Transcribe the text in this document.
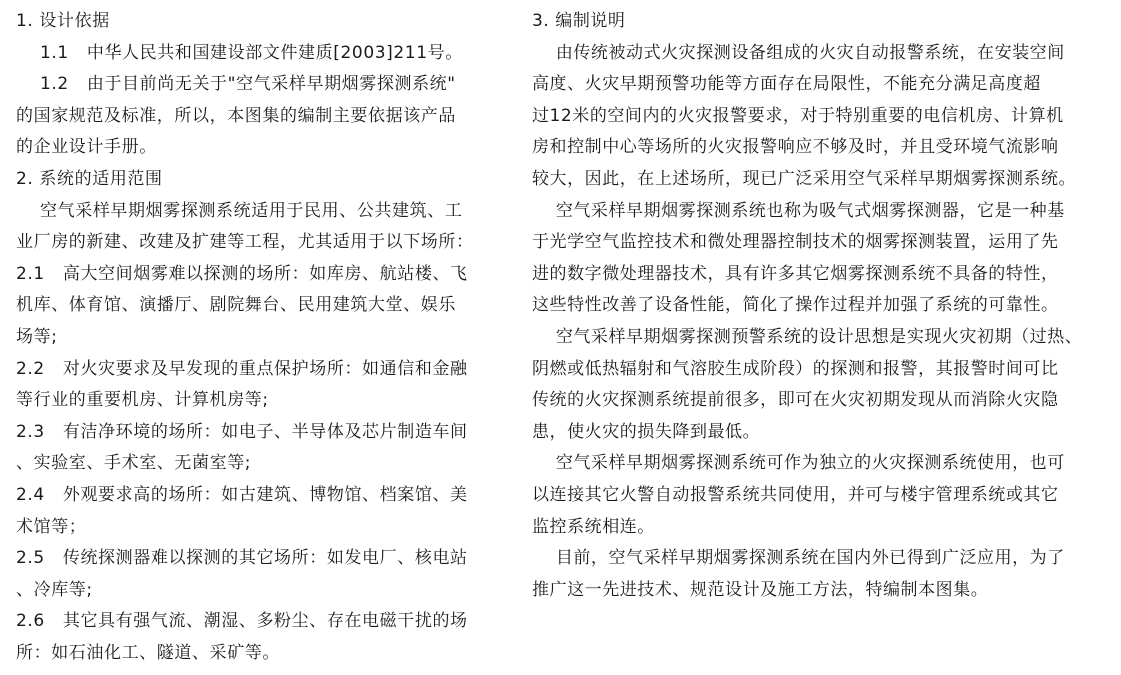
1. 设计依据

1.1   中华人民共和国建设部文件建质[2003]211号。

1.2   由于目前尚无关于"空气采样早期烟雾探测系统"

的国家规范及标准，所以，本图集的编制主要依据该产品

的企业设计手册。

2. 系统的适用范围

空气采样早期烟雾探测系统适用于民用、公共建筑、工

业厂房的新建、改建及扩建等工程，尤其适用于以下场所：

2.1   高大空间烟雾难以探测的场所：如库房、航站楼、飞

机库、体育馆、演播厅、剧院舞台、民用建筑大堂、娱乐

场等;

2.2   对火灾要求及早发现的重点保护场所：如通信和金融

等行业的重要机房、计算机房等;

2.3   有洁净环境的场所：如电子、半导体及芯片制造车间

、实验室、手术室、无菌室等;

2.4   外观要求高的场所：如古建筑、博物馆、档案馆、美

术馆等；

2.5   传统探测器难以探测的其它场所：如发电厂、核电站

、冷库等;

2.6   其它具有强气流、潮湿、多粉尘、存在电磁干扰的场

所：如石油化工、隧道、采矿等。

3. 编制说明

由传统被动式火灾探测设备组成的火灾自动报警系统，在安装空间

高度、火灾早期预警功能等方面存在局限性，不能充分满足高度超

过12米的空间内的火灾报警要求，对于特别重要的电信机房、计算机

房和控制中心等场所的火灾报警响应不够及时，并且受环境气流影响

较大，因此，在上述场所，现已广泛采用空气采样早期烟雾探测系统。

空气采样早期烟雾探测系统也称为吸气式烟雾探测器，它是一种基

于光学空气监控技术和微处理器控制技术的烟雾探测装置，运用了先

进的数字微处理器技术，具有许多其它烟雾探测系统不具备的特性，

这些特性改善了设备性能，简化了操作过程并加强了系统的可靠性。

空气采样早期烟雾探测预警系统的设计思想是实现火灾初期（过热、

阴燃或低热辐射和气溶胶生成阶段）的探测和报警，其报警时间可比

传统的火灾探测系统提前很多，即可在火灾初期发现从而消除火灾隐

患，使火灾的损失降到最低。

空气采样早期烟雾探测系统可作为独立的火灾探测系统使用，也可

以连接其它火警自动报警系统共同使用，并可与楼宇管理系统或其它

监控系统相连。

目前，空气采样早期烟雾探测系统在国内外已得到广泛应用，为了

推广这一先进技术、规范设计及施工方法，特编制本图集。
